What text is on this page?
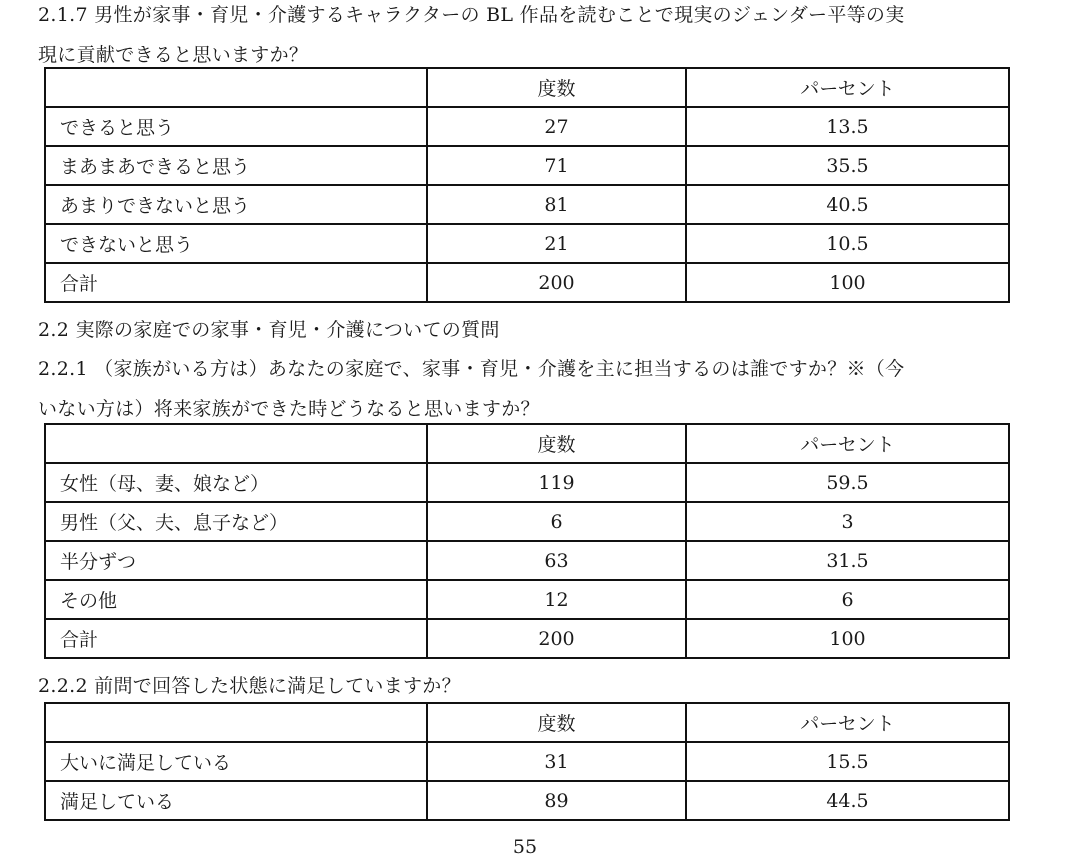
2.1.7 男性が家事・育児・介護するキャラクターの BL 作品を読むことで現実のジェンダー平等の実
現に貢献できると思いますか？
	度数	パーセント
できると思う	27	13.5
まあまあできると思う	71	35.5
あまりできないと思う	81	40.5
できないと思う	21	10.5
合計	200	100
2.2 実際の家庭での家事・育児・介護についての質問
2.2.1 （家族がいる方は）あなたの家庭で、家事・育児・介護を主に担当するのは誰ですか？※（今
いない方は）将来家族ができた時どうなると思いますか？
	度数	パーセント
女性（母、妻、娘など）	119	59.5
男性（父、夫、息子など）	6	3
半分ずつ	63	31.5
その他	12	6
合計	200	100
2.2.2 前問で回答した状態に満足していますか？
	度数	パーセント
大いに満足している	31	15.5
満足している	89	44.5
55
